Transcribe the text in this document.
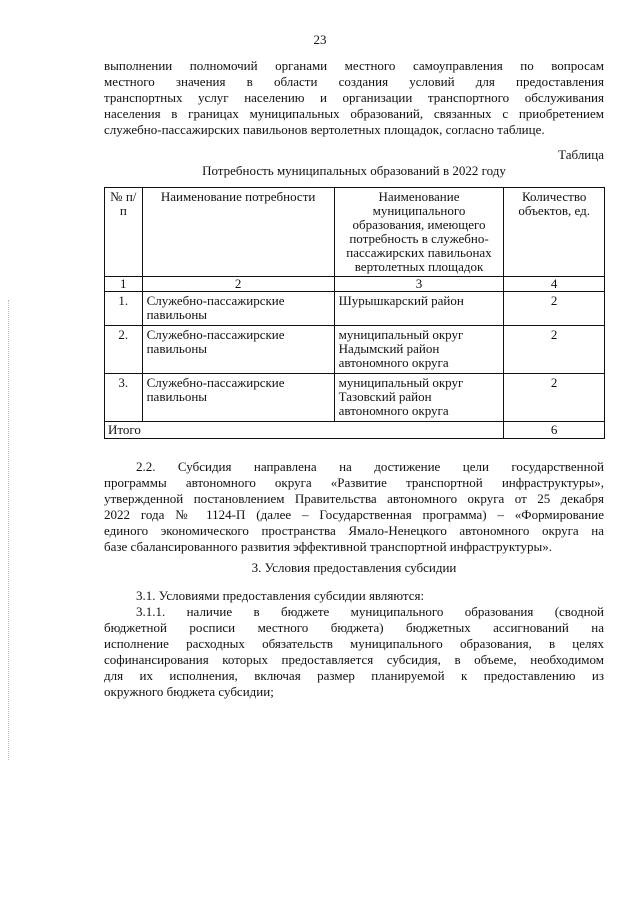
23
выполнении полномочий органами местного самоуправления по вопросам
местного значения в области создания условий для предоставления
транспортных услуг населению и организации транспортного обслуживания
населения в границах муниципальных образований, связанных с приобретением
служебно-пассажирских павильонов вертолетных площадок, согласно таблице.
Таблица
Потребность муниципальных образований в 2022 году
№ п/п	Наименование потребности	Наименование муниципального образования, имеющего потребность в служебно-пассажирских павильонах вертолетных площадок	Количество объектов, ед.
1	2	3	4
1.	Служебно-пассажирские павильоны	Шурышкарский район	2
2.	Служебно-пассажирские павильоны	муниципальный округ Надымский район автономного округа	2
3.	Служебно-пассажирские павильоны	муниципальный округ Тазовский район автономного округа	2
Итого			6
2.2. Субсидия направлена на достижение цели государственной
программы автономного округа «Развитие транспортной инфраструктуры»,
утвержденной постановлением Правительства автономного округа от 25 декабря
2022 года № 1124-П (далее – Государственная программа) – «Формирование
единого экономического пространства Ямало-Ненецкого автономного округа на
базе сбалансированного развития эффективной транспортной инфраструктуры».
3. Условия предоставления субсидии
3.1. Условиями предоставления субсидии являются:
3.1.1. наличие в бюджете муниципального образования (сводной
бюджетной росписи местного бюджета) бюджетных ассигнований на
исполнение расходных обязательств муниципального образования, в целях
софинансирования которых предоставляется субсидия, в объеме, необходимом
для их исполнения, включая размер планируемой к предоставлению из
окружного бюджета субсидии;
